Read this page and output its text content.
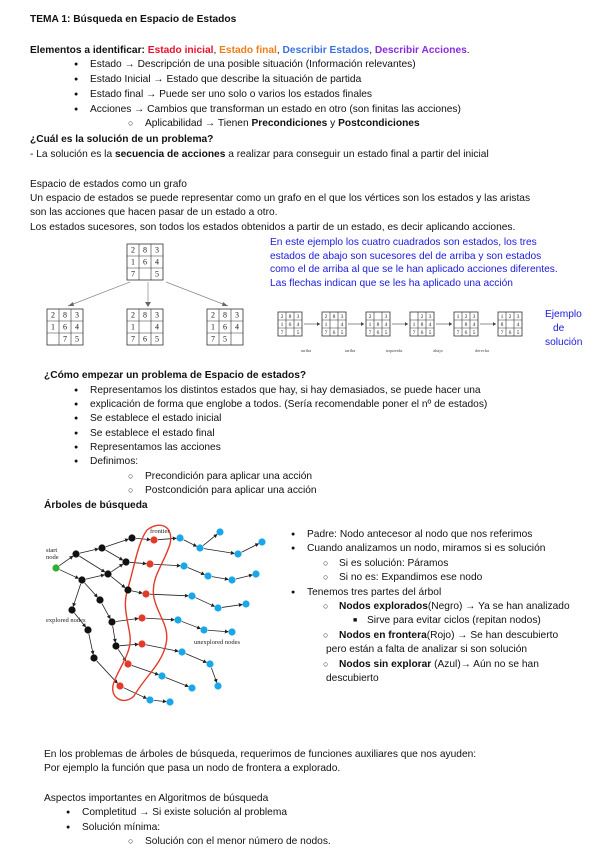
TEMA 1: Búsqueda en Espacio de Estados
Elementos a identificar: Estado inicial, Estado final, Describir Estados, Describir Acciones.
● Estado → Descripción de una posible situación (Información relevantes)
● Estado Inicial → Estado que describe la situación de partida
● Estado final → Puede ser uno solo o varios los estados finales
● Acciones → Cambios que transforman un estado en otro (son finitas las acciones)
○ Aplicabilidad → Tienen Precondiciones y Postcondiciones
¿Cuál es la solución de un problema?
- La solución es la secuencia de acciones a realizar para conseguir un estado final a partir del inicial
Espacio de estados como un grafo
Un espacio de estados se puede representar como un grafo en el que los vértices son los estados y las aristas
son las acciones que hacen pasar de un estado a otro.
Los estados sucesores, son todos los estados obtenidos a partir de un estado, es decir aplicando acciones.
2 8 3
1 6 4
7	5
2 8 3
1 6 4
7 5
2 8 3
1	4
7 6 5
2 8 3
1 6 4
7 5
En este ejemplo los cuatro cuadrados son estados, los tres
estados de abajo son sucesores del de arriba y son estados
como el de arriba al que se le han aplicado acciones diferentes.
Las flechas indican que se les ha aplicado una acción
2 8 3
1 6 4
7 5
arriba
2 8 3
1 4
7 6 5
arriba
2 3
1 8 4
7 6 5
izquierda
2 3
1 8 4
7 6 5
abajo
1 2 3
8 4
7 6 5
derecha
1 2 3
8 4
7 6 5
Ejemplo
de
solución
¿Cómo empezar un problema de Espacio de estados?
● Representamos los distintos estados que hay, si hay demasiados, se puede hacer una
● explicación de forma que englobe a todos. (Sería recomendable poner el nº de estados)
● Se establece el estado inicial
● Se establece el estado final
● Representamos las acciones
● Definimos:
○ Precondición para aplicar una acción
○ Postcondición para aplicar una acción
Árboles de búsqueda
start
node
frontier
explored nodes
unexplored nodes
● Padre: Nodo antecesor al nodo que nos referimos
● Cuando analizamos un nodo, miramos si es solución
○ Si es solución: Páramos
○ Si no es: Expandimos ese nodo
● Tenemos tres partes del árbol
○ Nodos explorados(Negro) → Ya se han analizado
■ Sirve para evitar ciclos (repitan nodos)
○ Nodos en frontera(Rojo) → Se han descubierto
pero están a falta de analizar si son solución
○ Nodos sin explorar (Azul)→ Aún no se han
descubierto
En los problemas de árboles de búsqueda, requerimos de funciones auxiliares que nos ayuden:
Por ejemplo la función que pasa un nodo de frontera a explorado.
Aspectos importantes en Algoritmos de búsqueda
● Completitud → Si existe solución al problema
● Solución mínima:
○ Solución con el menor número de nodos.
